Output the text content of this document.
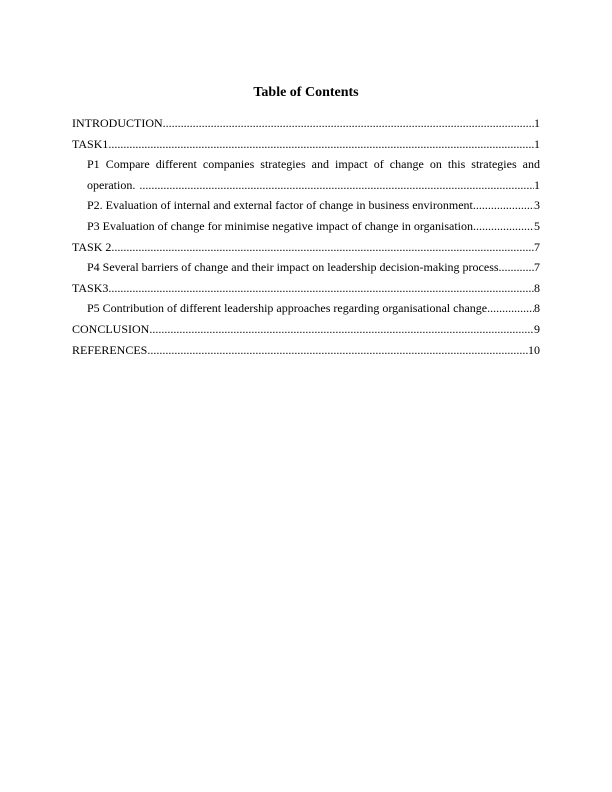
Table of Contents
INTRODUCTION .....	1
TASK1 .....	1
P1 Compare different companies strategies and impact of change on this strategies and
operation. .....	1
P2. Evaluation of internal and external factor of change in business environment. .....	3
P3 Evaluation of change for minimise negative impact of change in organisation. .....	5
TASK 2 .....	7
P4 Several barriers of change and their impact on leadership decision-making process. .....	7
TASK3 .....	8
P5 Contribution of different leadership approaches regarding organisational change. .....	8
CONCLUSION .....	9
REFERENCES .....	10
